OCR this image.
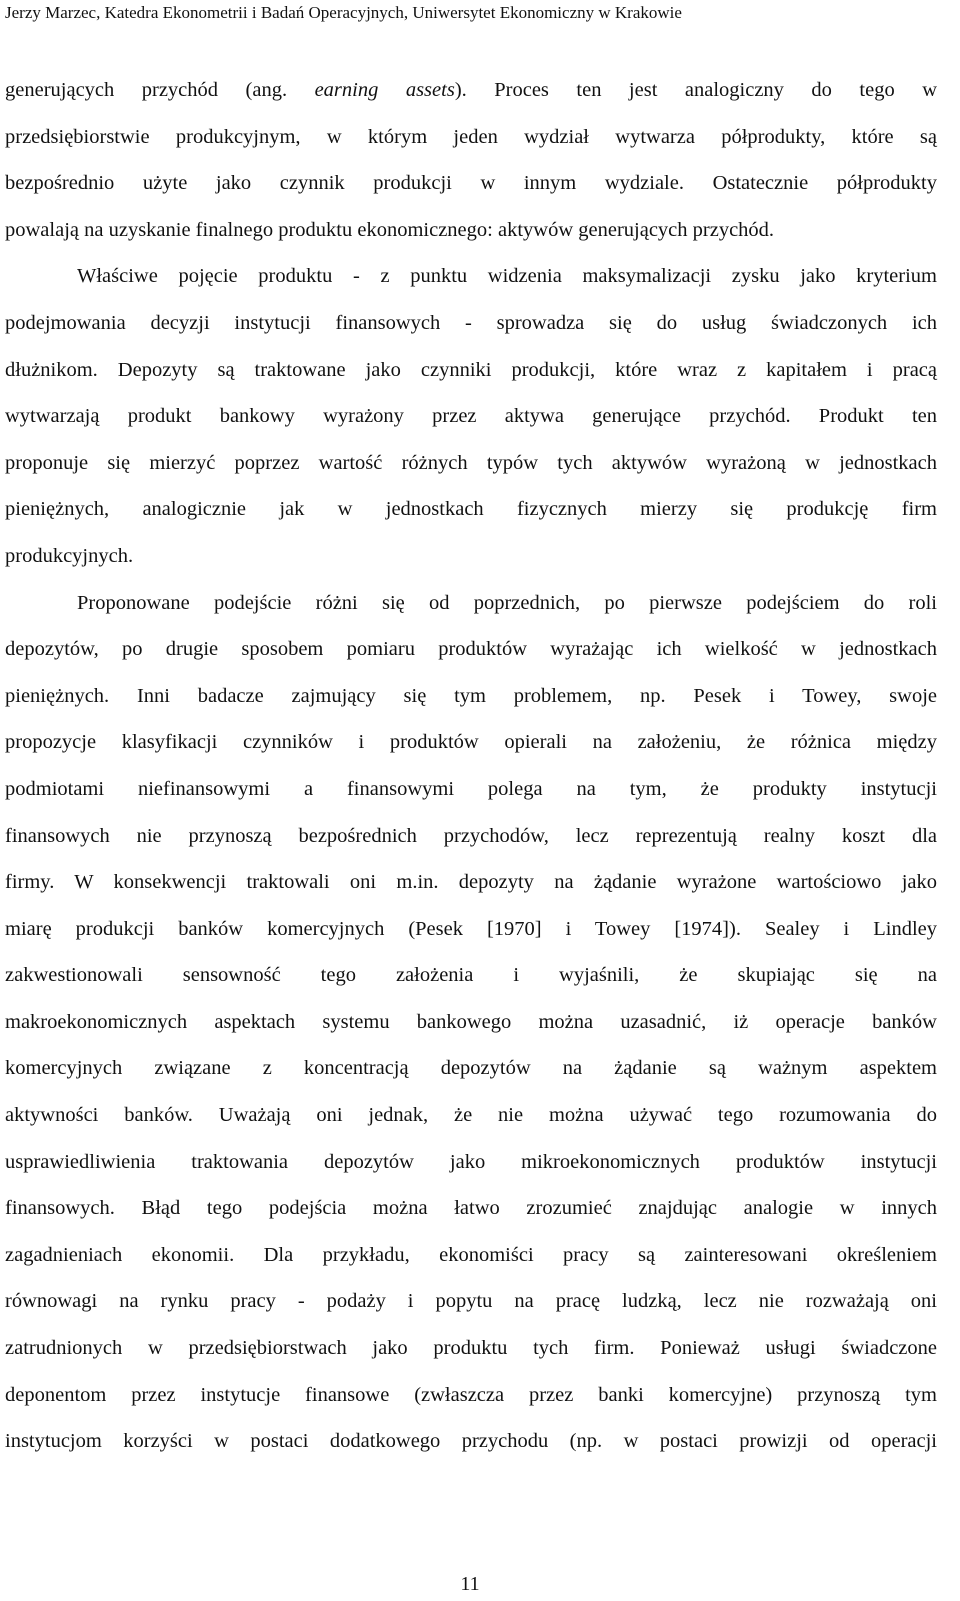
Jerzy Marzec, Katedra Ekonometrii i Badań Operacyjnych, Uniwersytet Ekonomiczny w Krakowie
generujących przychód (ang. earning assets). Proces ten jest analogiczny do tego w
przedsiębiorstwie produkcyjnym, w którym jeden wydział wytwarza półprodukty, które są
bezpośrednio użyte jako czynnik produkcji w innym wydziale. Ostatecznie półprodukty
powalają na uzyskanie finalnego produktu ekonomicznego: aktywów generujących przychód.
Właściwe pojęcie produktu - z punktu widzenia maksymalizacji zysku jako kryterium
podejmowania decyzji instytucji finansowych - sprowadza się do usług świadczonych ich
dłużnikom. Depozyty są traktowane jako czynniki produkcji, które wraz z kapitałem i pracą
wytwarzają produkt bankowy wyrażony przez aktywa generujące przychód. Produkt ten
proponuje się mierzyć poprzez wartość różnych typów tych aktywów wyrażoną w jednostkach
pieniężnych, analogicznie jak w jednostkach fizycznych mierzy się produkcję firm
produkcyjnych.
Proponowane podejście różni się od poprzednich, po pierwsze podejściem do roli
depozytów, po drugie sposobem pomiaru produktów wyrażając ich wielkość w jednostkach
pieniężnych. Inni badacze zajmujący się tym problemem, np. Pesek i Towey, swoje
propozycje klasyfikacji czynników i produktów opierali na założeniu, że różnica między
podmiotami niefinansowymi a finansowymi polega na tym, że produkty instytucji
finansowych nie przynoszą bezpośrednich przychodów, lecz reprezentują realny koszt dla
firmy. W konsekwencji traktowali oni m.in. depozyty na żądanie wyrażone wartościowo jako
miarę produkcji banków komercyjnych (Pesek [1970] i Towey [1974]). Sealey i Lindley
zakwestionowali sensowność tego założenia i wyjaśnili, że skupiając się na
makroekonomicznych aspektach systemu bankowego można uzasadnić, iż operacje banków
komercyjnych związane z koncentracją depozytów na żądanie są ważnym aspektem
aktywności banków. Uważają oni jednak, że nie można używać tego rozumowania do
usprawiedliwienia traktowania depozytów jako mikroekonomicznych produktów instytucji
finansowych. Błąd tego podejścia można łatwo zrozumieć znajdując analogie w innych
zagadnieniach ekonomii. Dla przykładu, ekonomiści pracy są zainteresowani określeniem
równowagi na rynku pracy - podaży i popytu na pracę ludzką, lecz nie rozważają oni
zatrudnionych w przedsiębiorstwach jako produktu tych firm. Ponieważ usługi świadczone
deponentom przez instytucje finansowe (zwłaszcza przez banki komercyjne) przynoszą tym
instytucjom korzyści w postaci dodatkowego przychodu (np. w postaci prowizji od operacji
11
